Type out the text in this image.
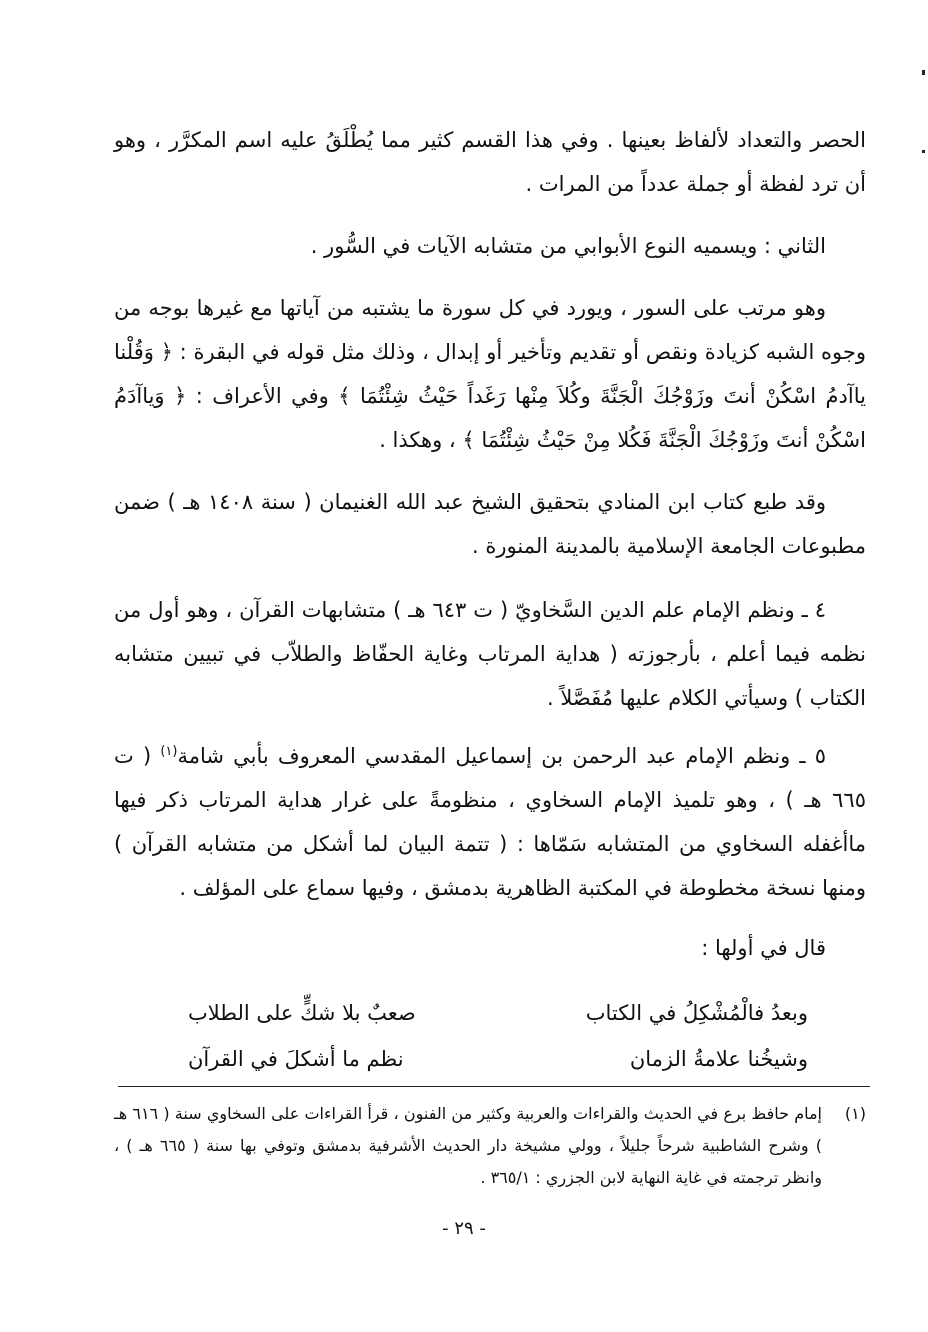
الحصر والتعداد لألفاظ بعينها . وفي هذا القسم كثير مما يُطْلَقُ عليه اسم المكرَّر ، وهو أن ترد لفظة أو جملة عدداً من المرات .

الثاني : ويسميه النوع الأبوابي من متشابه الآيات في السُّور .

وهو مرتب على السور ، ويورد في كل سورة ما يشتبه من آياتها مع غيرها بوجه من وجوه الشبه كزيادة ونقص أو تقديم وتأخير أو إبدال ، وذلك مثل قوله في البقرة : ﴿ وَقُلْنا ياآدمُ اسْكُنْ أنتَ وزَوْجُكَ الْجَنَّةَ وكُلاَ مِنْها رَغَداً حَيْثُ شِئْتُمَا ﴾ وفي الأعراف : ﴿ وَياآدَمُ اسْكُنْ أنتَ وزَوْجُكَ الْجَنَّةَ فَكُلا مِنْ حَيْثُ شِئْتُمَا ﴾ ، وهكذا .

وقد طبع كتاب ابن المنادي بتحقيق الشيخ عبد الله الغنيمان ( سنة ١٤٠٨ هـ ) ضمن مطبوعات الجامعة الإسلامية بالمدينة المنورة .

٤ ـ ونظم الإمام علم الدين السَّخاويّ ( ت ٦٤٣ هـ ) متشابهات القرآن ، وهو أول من نظمه فيما أعلم ، بأرجوزته ( هداية المرتاب وغاية الحفّاظ والطلاّب في تبيين متشابه الكتاب ) وسيأتي الكلام عليها مُفَصَّلاً .

٥ ـ ونظم الإمام عبد الرحمن بن إسماعيل المقدسي المعروف بأبي شامة$^{(١)}$ ( ت ٦٦٥ هـ ) ، وهو تلميذ الإمام السخاوي ، منظومةً على غرار هداية المرتاب ذكر فيها ماأغفله السخاوي من المتشابه سَمّاها : ( تتمة البيان لما أشكل من متشابه القرآن ) ومنها نسخة مخطوطة في المكتبة الظاهرية بدمشق ، وفيها سماع على المؤلف .

قال في أولها :

وبعدُ فالْمُشْكِلُ في الكتاب
صعبٌ بلا شكٍّ على الطلاب
وشيخُنا علامةُ الزمان
نظم ما أشكلَ في القرآن
(١)
إمام حافظ برع في الحديث والقراءات والعربية وكثير من الفنون ، قرأ القراءات على السخاوي سنة ( ٦١٦ هـ ) وشرح الشاطبية شرحاً جليلاً ، وولي مشيخة دار الحديث الأشرفية بدمشق وتوفي بها سنة ( ٦٦٥ هـ ) ، وانظر ترجمته في غاية النهاية لابن الجزري : ٣٦٥/١ .
- ٢٩ -
